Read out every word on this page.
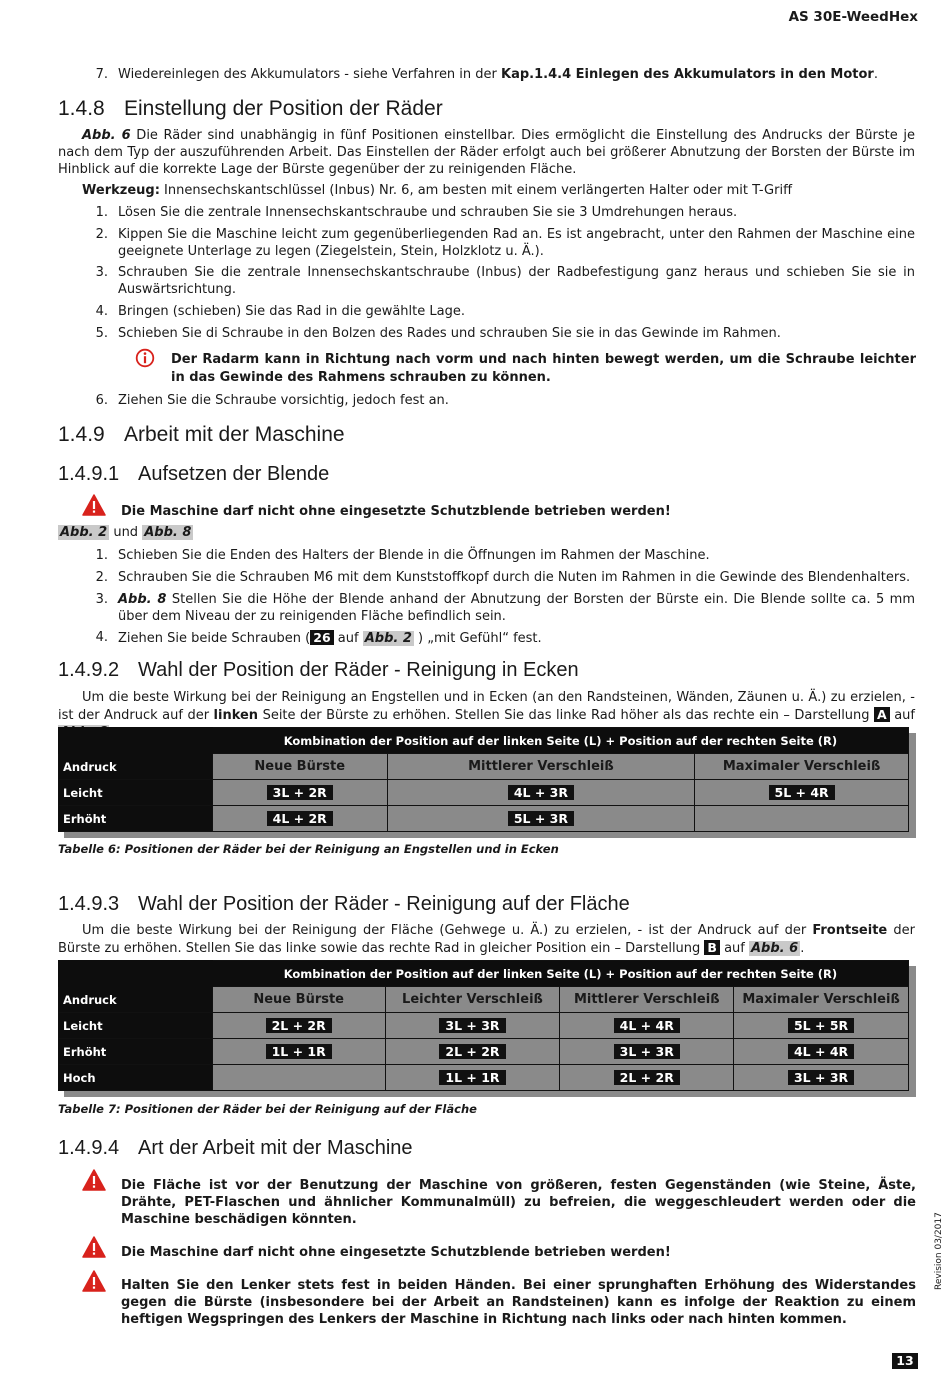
AS 30E-WeedHex
7. Wiedereinlegen des Akkumulators - siehe Verfahren in der Kap.1.4.4 Einlegen des Akkumulators in den Motor.
1.4.8 Einstellung der Position der Räder
Abb. 6 Die Räder sind unabhängig in fünf Positionen einstellbar. Dies ermöglicht die Einstellung des Andrucks der Bürste je nach dem Typ der auszuführenden Arbeit. Das Einstellen der Räder erfolgt auch bei größerer Abnutzung der Borsten der Bürste im Hinblick auf die korrekte Lage der Bürste gegenüber der zu reinigenden Fläche.
Werkzeug: Innensechskantschlüssel (Inbus) Nr. 6, am besten mit einem verlängerten Halter oder mit T-Griff
1. Lösen Sie die zentrale Innensechskantschraube und schrauben Sie sie 3 Umdrehungen heraus.
2. Kippen Sie die Maschine leicht zum gegenüberliegenden Rad an. Es ist angebracht, unter den Rahmen der Maschine eine geeignete Unterlage zu legen (Ziegelstein, Stein, Holzklotz u. Ä.).
3. Schrauben Sie die zentrale Innensechskantschraube (Inbus) der Radbefestigung ganz heraus und schieben Sie sie in Auswärtsrichtung.
4. Bringen (schieben) Sie das Rad in die gewählte Lage.
5. Schieben Sie di Schraube in den Bolzen des Rades und schrauben Sie sie in das Gewinde im Rahmen.
Der Radarm kann in Richtung nach vorm und nach hinten bewegt werden, um die Schraube leichter in das Gewinde des Rahmens schrauben zu können.
6. Ziehen Sie die Schraube vorsichtig, jedoch fest an.
1.4.9 Arbeit mit der Maschine
1.4.9.1 Aufsetzen der Blende
Die Maschine darf nicht ohne eingesetzte Schutzblende betrieben werden!
Abb. 2 und Abb. 8
1. Schieben Sie die Enden des Halters der Blende in die Öffnungen im Rahmen der Maschine.
2. Schrauben Sie die Schrauben M6 mit dem Kunststoffkopf durch die Nuten im Rahmen in die Gewinde des Blendenhalters.
3. Abb. 8 Stellen Sie die Höhe der Blende anhand der Abnutzung der Borsten der Bürste ein. Die Blende sollte ca. 5 mm über dem Niveau der zu reinigenden Fläche befindlich sein.
4. Ziehen Sie beide Schrauben ( 26 auf Abb. 2 ) „mit Gefühl“ fest.
1.4.9.2 Wahl der Position der Räder - Reinigung in Ecken
Um die beste Wirkung bei der Reinigung an Engstellen und in Ecken (an den Randsteinen, Wänden, Zäunen u. Ä.) zu erzielen, - ist der Andruck auf der linken Seite der Bürste zu erhöhen. Stellen Sie das linke Rad höher als das rechte ein – Darstellung A auf
	Kombination der Position auf der linken Seite (L) + Position auf der rechten Seite (R)		
Andruck	Neue Bürste	Mittlerer Verschleiß	Maximaler Verschleiß
Leicht	3L + 2R	4L + 3R	5L + 4R
Erhöht	4L + 2R	5L + 3R	
Tabelle 6: Positionen der Räder bei der Reinigung an Engstellen und in Ecken
1.4.9.3 Wahl der Position der Räder - Reinigung auf der Fläche
Um die beste Wirkung bei der Reinigung der Fläche (Gehwege u. Ä.) zu erzielen, - ist der Andruck auf der Frontseite der Bürste zu erhöhen. Stellen Sie das linke sowie das rechte Rad in gleicher Position ein – Darstellung B auf Abb. 6 .
	Kombination der Position auf der linken Seite (L) + Position auf der rechten Seite (R)			
Andruck	Neue Bürste	Leichter Verschleiß	Mittlerer Verschleiß	Maximaler Verschleiß
Leicht	2L + 2R	3L + 3R	4L + 4R	5L + 5R
Erhöht	1L + 1R	2L + 2R	3L + 3R	4L + 4R
Hoch		1L + 1R	2L + 2R	3L + 3R
Tabelle 7: Positionen der Räder bei der Reinigung auf der Fläche
1.4.9.4 Art der Arbeit mit der Maschine
Die Fläche ist vor der Benutzung der Maschine von größeren, festen Gegenständen (wie Steine, Äste, Drähte, PET-Flaschen und ähnlicher Kommunalmüll) zu befreien, die weggeschleudert werden oder die Maschine beschädigen könnten.
Die Maschine darf nicht ohne eingesetzte Schutzblende betrieben werden!
Halten Sie den Lenker stets fest in beiden Händen. Bei einer sprunghaften Erhöhung des Widerstandes gegen die Bürste (insbesondere bei der Arbeit an Randsteinen) kann es infolge der Reaktion zu einem heftigen Wegspringen des Lenkers der Maschine in Richtung nach links oder nach hinten kommen.
Revision 03/2017
13
